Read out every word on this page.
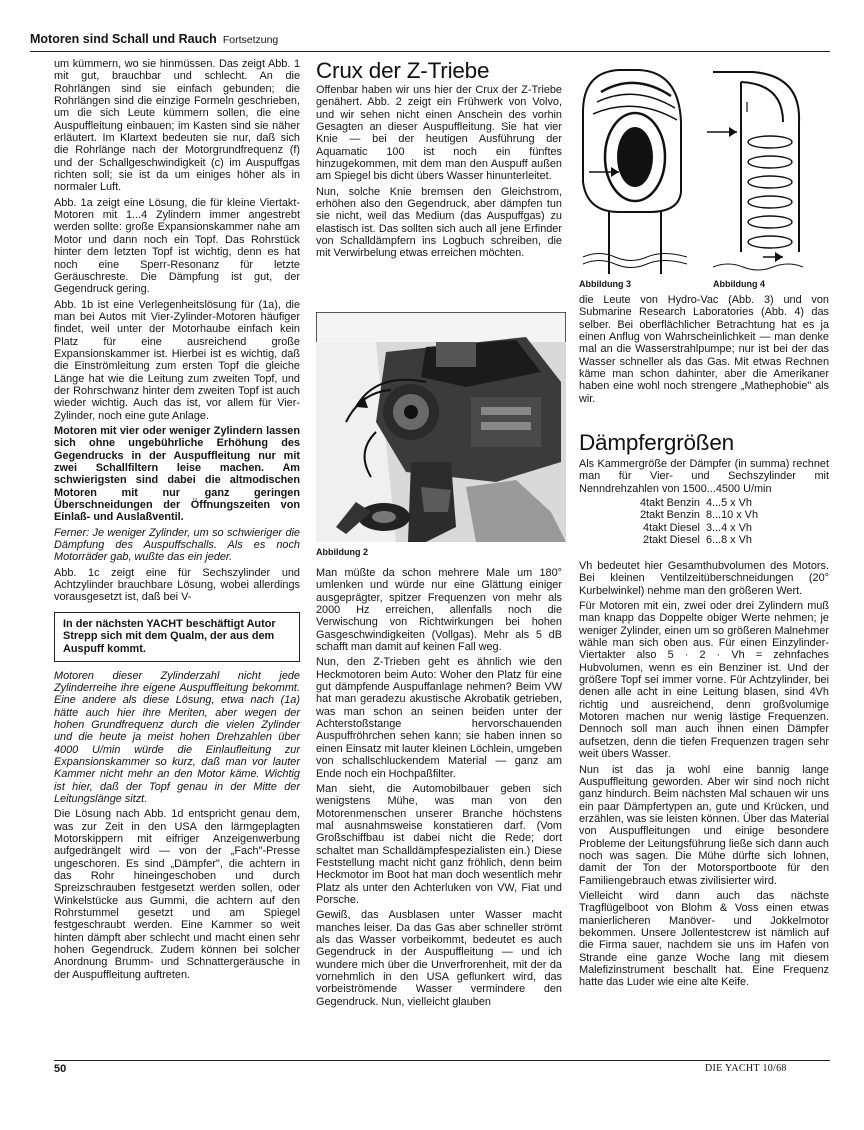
Motoren sind Schall und Rauch Fortsetzung

um kümmern, wo sie hinmüssen. Das zeigt Abb. 1 mit gut, brauchbar und schlecht. An die Rohrlängen sind sie einfach gebunden; die Rohrlängen sind die einzige Formeln geschrieben, um die sich Leute kümmern sollen, die eine Auspuffleitung einbauen; im Kasten sind sie näher erläutert. Im Klartext bedeuten sie nur, daß sich die Rohrlänge nach der Motorgrundfrequenz (f) und der Schallgeschwindigkeit (c) im Auspuffgas richten soll; sie ist da um einiges höher als in normaler Luft.

Abb. 1a zeigt eine Lösung, die für kleine Viertakt-Motoren mit 1...4 Zylindern immer angestrebt werden sollte: große Expansionskammer nahe am Motor und dann noch ein Topf. Das Rohrstück hinter dem letzten Topf ist wichtig, denn es hat noch eine Sperr-Resonanz für letzte Geräuschreste. Die Dämpfung ist gut, der Gegendruck gering.

Abb. 1b ist eine Verlegenheitslösung für (1a), die man bei Autos mit Vier-Zylinder-Motoren häufiger findet, weil unter der Motorhaube einfach kein Platz für eine ausreichend große Expansionskammer ist. Hierbei ist es wichtig, daß die Einströmleitung zum ersten Topf die gleiche Länge hat wie die Leitung zum zweiten Topf, und der Rohrschwanz hinter dem zweiten Topf ist auch wieder wichtig. Auch das ist, vor allem für Vier-Zylinder, noch eine gute Anlage.

Motoren mit vier oder weniger Zylindern lassen sich ohne ungebührliche Erhöhung des Gegendrucks in der Auspuffleitung nur mit zwei Schallfiltern leise machen. Am schwierigsten sind dabei die altmodischen Motoren mit nur ganz geringen Überschneidungen der Öffnungszeiten von Einlaß- und Auslaßventil.

Ferner: Je weniger Zylinder, um so schwieriger die Dämpfung des Auspuffschalls. Als es noch Motorräder gab, wußte das ein jeder.

Abb. 1c zeigt eine für Sechszylinder und Achtzylinder brauchbare Lösung, wobei allerdings vorausgesetzt ist, daß bei V-

In der nächsten YACHT beschäftigt Autor Strepp sich mit dem Qualm, der aus dem Auspuff kommt.

Motoren dieser Zylinderzahl nicht jede Zylinderreihe ihre eigene Auspuffleitung bekommt. Eine andere als diese Lösung, etwa nach (1a) hätte auch hier ihre Meriten, aber wegen der hohen Grundfrequenz durch die vielen Zylinder und die heute ja meist hohen Drehzahlen über 4000 U/min würde die Einlaufleitung zur Expansionskammer so kurz, daß man vor lauter Kammer nicht mehr an den Motor käme. Wichtig ist hier, daß der Topf genau in der Mitte der Leitungslänge sitzt.

Die Lösung nach Abb. 1d entspricht genau dem, was zur Zeit in den USA den lärmgeplagten Motorskippern mit eifriger Anzeigenwerbung aufgedrängelt wird — von der „Fach"-Presse ungeschoren. Es sind „Dämpfer", die achtern in das Rohr hineingeschoben und durch Spreizschrauben festgesetzt werden sollen, oder Winkelstücke aus Gummi, die achtern auf den Rohrstummel gesetzt und am Spiegel festgeschraubt werden. Eine Kammer so weit hinten dämpft aber schlecht und macht einen sehr hohen Gegendruck. Zudem können bei solcher Anordnung Brumm- und Schnattergeräusche in der Auspuffleitung auftreten.

Crux der Z-Triebe

Offenbar haben wir uns hier der Crux der Z-Triebe genähert. Abb. 2 zeigt ein Frühwerk von Volvo, und wir sehen nicht einen Anschein des vorhin Gesagten an dieser Auspuffleitung. Sie hat vier Knie — bei der heutigen Ausführung der Aquamatic 100 ist noch ein fünftes hinzugekommen, mit dem man den Auspuff außen am Spiegel bis dicht übers Wasser hinunterleitet.

Nun, solche Knie bremsen den Gleichstrom, erhöhen also den Gegendruck, aber dämpfen tun sie nicht, weil das Medium (das Auspuffgas) zu elastisch ist. Das sollten sich auch all jene Erfinder von Schalldämpfern ins Logbuch schreiben, die mit Verwirbelung etwas erreichen möchten.

Abbildung 2

Man müßte da schon mehrere Male um 180° umlenken und würde nur eine Glättung einiger ausgeprägter, spitzer Frequenzen von mehr als 2000 Hz erreichen, allenfalls noch die Verwischung von Richtwirkungen bei hohen Gasgeschwindigkeiten (Vollgas). Mehr als 5 dB schafft man damit auf keinen Fall weg.

Nun, den Z-Trieben geht es ähnlich wie den Heckmotoren beim Auto: Woher den Platz für eine gut dämpfende Auspuffanlage nehmen? Beim VW hat man geradezu akustische Akrobatik getrieben, was man schon an seinen beiden unter der Achterstoßstange hervorschauenden Auspuffröhrchen sehen kann; sie haben innen so einen Einsatz mit lauter kleinen Löchlein, umgeben von schallschluckendem Material — ganz am Ende noch ein Hochpaßfilter.

Man sieht, die Automobilbauer geben sich wenigstens Mühe, was man von den Motorenmenschen unserer Branche höchstens mal ausnahmsweise konstatieren darf. (Vom Großschiffbau ist dabei nicht die Rede; dort schaltet man Schalldämpfespezialisten ein.) Diese Feststellung macht nicht ganz fröhlich, denn beim Heckmotor im Boot hat man doch wesentlich mehr Platz als unter den Achterluken von VW, Fiat und Porsche.

Gewiß, das Ausblasen unter Wasser macht manches leiser. Da das Gas aber schneller strömt als das Wasser vorbeikommt, bedeutet es auch Gegendruck in der Auspuffleitung — und ich wundere mich über die Unverfrorenheit, mit der da vornehmlich in den USA geflunkert wird, das vorbeiströmende Wasser vermindere den Gegendruck. Nun, vielleicht glauben

Abbildung 3	Abbildung 4

die Leute von Hydro-Vac (Abb. 3) und von Submarine Research Laboratories (Abb. 4) das selber. Bei oberflächlicher Betrachtung hat es ja einen Anflug von Wahrscheinlichkeit — man denke mal an die Wasserstrahlpumpe; nur ist bei der das Wasser schneller als das Gas. Mit etwas Rechnen käme man schon dahinter, aber die Amerikaner haben eine wohl noch strengere „Mathephobie" als wir.

Dämpfergrößen

Als Kammergröße der Dämpfer (in summa) rechnet man für Vier- und Sechszylinder mit Nenndrehzahlen von 1500...4500 U/min

4takt Benzin	4...5 x Vh
2takt Benzin	8...10 x Vh
4takt Diesel	3...4 x Vh
2takt Diesel	6...8 x Vh

Vh bedeutet hier Gesamthubvolumen des Motors. Bei kleinen Ventilzeitüberschneidungen (20° Kurbelwinkel) nehme man den größeren Wert.

Für Motoren mit ein, zwei oder drei Zylindern muß man knapp das Doppelte obiger Werte nehmen; je weniger Zylinder, einen um so größeren Malnehmer wähle man sich oben aus. Für einen Einzylinder-Viertakter also 5 · 2 · Vh = zehnfaches Hubvolumen, wenn es ein Benziner ist. Und der größere Topf sei immer vorne. Für Achtzylinder, bei denen alle acht in eine Leitung blasen, sind 4Vh richtig und ausreichend, denn großvolumige Motoren machen nur wenig lästige Frequenzen. Dennoch soll man auch ihnen einen Dämpfer aufsetzen, denn die tiefen Frequenzen tragen sehr weit übers Wasser.

Nun ist das ja wohl eine bannig lange Auspuffleitung geworden. Aber wir sind noch nicht ganz hindurch. Beim nächsten Mal schauen wir uns ein paar Dämpfertypen an, gute und Krücken, und erzählen, was sie leisten können. Über das Material von Auspuffleitungen und einige besondere Probleme der Leitungsführung ließe sich dann auch noch was sagen. Die Mühe dürfte sich lohnen, damit der Ton der Motorsportboote für den Familiengebrauch etwas zivilisierter wird.

Vielleicht wird dann auch das nächste Tragflügelboot von Blohm & Voss einen etwas manierlicheren Manöver- und Jokkelmotor bekommen. Unsere Jollentestcrew ist nämlich auf die Firma sauer, nachdem sie uns im Hafen von Strande eine ganze Woche lang mit diesem Malefizinstrument beschallt hat. Eine Frequenz hatte das Luder wie eine alte Keife.

50	DIE YACHT 10/68
